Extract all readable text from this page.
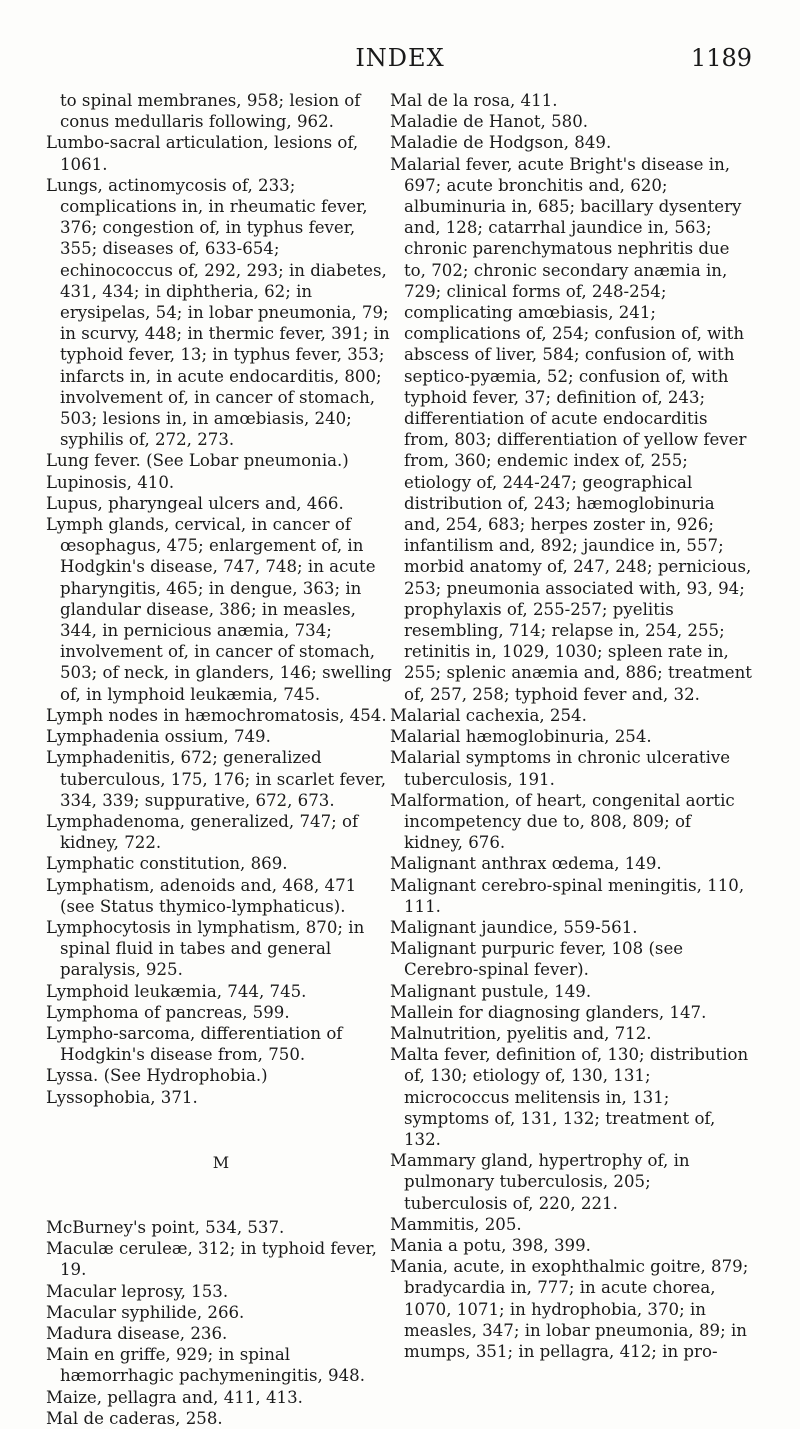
INDEX	1189

to spinal membranes, 958; lesion of conus medullaris following, 962.

Lumbo-sacral articulation, lesions of, 1061.

Lungs, actinomycosis of, 233; complications in, in rheumatic fever, 376; congestion of, in typhus fever, 355; diseases of, 633-654; echinococcus of, 292, 293; in diabetes, 431, 434; in diphtheria, 62; in erysipelas, 54; in lobar pneumonia, 79; in scurvy, 448; in thermic fever, 391; in typhoid fever, 13; in typhus fever, 353; infarcts in, in acute endocarditis, 800; involvement of, in cancer of stomach, 503; lesions in, in amœbiasis, 240; syphilis of, 272, 273.

Lung fever. (See Lobar pneumonia.)

Lupinosis, 410.

Lupus, pharyngeal ulcers and, 466.

Lymph glands, cervical, in cancer of œsophagus, 475; enlargement of, in Hodgkin's disease, 747, 748; in acute pharyngitis, 465; in dengue, 363; in glandular disease, 386; in measles, 344, in pernicious anæmia, 734; involvement of, in cancer of stomach, 503; of neck, in glanders, 146; swelling of, in lymphoid leukæmia, 745.

Lymph nodes in hæmochromatosis, 454.

Lymphadenia ossium, 749.

Lymphadenitis, 672; generalized tuberculous, 175, 176; in scarlet fever, 334, 339; suppurative, 672, 673.

Lymphadenoma, generalized, 747; of kidney, 722.

Lymphatic constitution, 869.

Lymphatism, adenoids and, 468, 471 (see Status thymico-lymphaticus).

Lymphocytosis in lymphatism, 870; in spinal fluid in tabes and general paralysis, 925.

Lymphoid leukæmia, 744, 745.

Lymphoma of pancreas, 599.

Lympho-sarcoma, differentiation of Hodgkin's disease from, 750.

Lyssa. (See Hydrophobia.)

Lyssophobia, 371.

M

McBurney's point, 534, 537.

Maculæ ceruleæ, 312; in typhoid fever, 19.

Macular leprosy, 153.

Macular syphilide, 266.

Madura disease, 236.

Main en griffe, 929; in spinal hæmorrhagic pachymeningitis, 948.

Maize, pellagra and, 411, 413.

Mal de caderas, 258.

Mal de la rosa, 411.

Maladie de Hanot, 580.

Maladie de Hodgson, 849.

Malarial fever, acute Bright's disease in, 697; acute bronchitis and, 620; albuminuria in, 685; bacillary dysentery and, 128; catarrhal jaundice in, 563; chronic parenchymatous nephritis due to, 702; chronic secondary anæmia in, 729; clinical forms of, 248-254; complicating amœbiasis, 241; complications of, 254; confusion of, with abscess of liver, 584; confusion of, with septico-pyæmia, 52; confusion of, with typhoid fever, 37; definition of, 243; differentiation of acute endocarditis from, 803; differentiation of yellow fever from, 360; endemic index of, 255; etiology of, 244-247; geographical distribution of, 243; hæmoglobinuria and, 254, 683; herpes zoster in, 926; infantilism and, 892; jaundice in, 557; morbid anatomy of, 247, 248; pernicious, 253; pneumonia associated with, 93, 94; prophylaxis of, 255-257; pyelitis resembling, 714; relapse in, 254, 255; retinitis in, 1029, 1030; spleen rate in, 255; splenic anæmia and, 886; treatment of, 257, 258; typhoid fever and, 32.

Malarial cachexia, 254.

Malarial hæmoglobinuria, 254.

Malarial symptoms in chronic ulcerative tuberculosis, 191.

Malformation, of heart, congenital aortic incompetency due to, 808, 809; of kidney, 676.

Malignant anthrax œdema, 149.

Malignant cerebro-spinal meningitis, 110, 111.

Malignant jaundice, 559-561.

Malignant purpuric fever, 108 (see Cerebro-spinal fever).

Malignant pustule, 149.

Mallein for diagnosing glanders, 147.

Malnutrition, pyelitis and, 712.

Malta fever, definition of, 130; distribution of, 130; etiology of, 130, 131; micrococcus melitensis in, 131; symptoms of, 131, 132; treatment of, 132.

Mammary gland, hypertrophy of, in pulmonary tuberculosis, 205; tuberculosis of, 220, 221.

Mammitis, 205.

Mania a potu, 398, 399.

Mania, acute, in exophthalmic goitre, 879; bradycardia in, 777; in acute chorea, 1070, 1071; in hydrophobia, 370; in measles, 347; in lobar pneumonia, 89; in mumps, 351; in pellagra, 412; in pro-
